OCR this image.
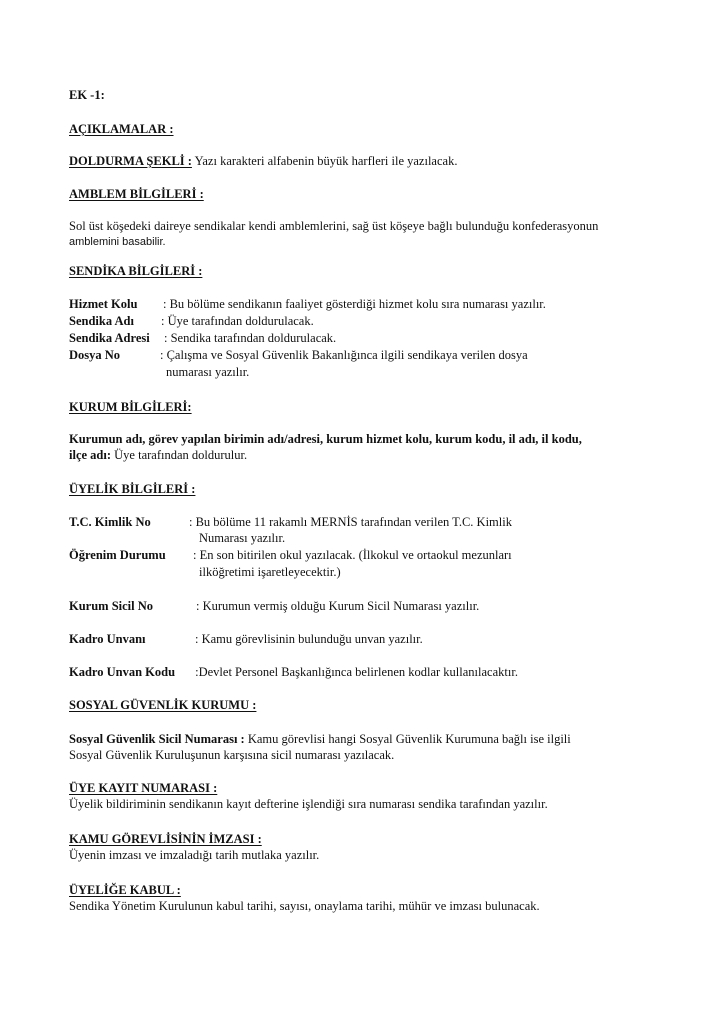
EK -1:
AÇIKLAMALAR :
DOLDURMA ŞEKLİ : Yazı karakteri alfabenin büyük harfleri ile yazılacak.
AMBLEM BİLGİLERİ :
Sol üst köşedeki daireye sendikalar kendi amblemlerini, sağ üst köşeye bağlı bulunduğu konfederasyonun
amblemini basabilir.
SENDİKA BİLGİLERİ :
Hizmet Kolu : Bu bölüme sendikanın faaliyet gösterdiği hizmet kolu sıra numarası yazılır.
Sendika Adı : Üye tarafından doldurulacak.
Sendika Adresi : Sendika tarafından doldurulacak.
Dosya No	: Çalışma ve Sosyal Güvenlik Bakanlığınca ilgili sendikaya verilen dosya
numarası yazılır.
KURUM BİLGİLERİ:
Kurumun adı, görev yapılan birimin adı/adresi, kurum hizmet kolu, kurum kodu, il adı, il kodu,
ilçe adı: Üye tarafından doldurulur.
ÜYELİK BİLGİLERİ :
T.C. Kimlik No	: Bu bölüme 11 rakamlı MERNİS tarafından verilen T.C. Kimlik
Numarası yazılır.
Öğrenim Durumu : En son bitirilen okul yazılacak. (İlkokul ve ortaokul mezunları
ilköğretimi işaretleyecektir.)
Kurum Sicil No	: Kurumun vermiş olduğu Kurum Sicil Numarası yazılır.
Kadro Unvanı	: Kamu görevlisinin bulunduğu unvan yazılır.
Kadro Unvan Kodu :Devlet Personel Başkanlığınca belirlenen kodlar kullanılacaktır.
SOSYAL GÜVENLİK KURUMU :
Sosyal Güvenlik Sicil Numarası : Kamu görevlisi hangi Sosyal Güvenlik Kurumuna bağlı ise ilgili
Sosyal Güvenlik Kuruluşunun karşısına sicil numarası yazılacak.
ÜYE KAYIT NUMARASI :
Üyelik bildiriminin sendikanın kayıt defterine işlendiği sıra numarası sendika tarafından yazılır.
KAMU GÖREVLİSİNİN İMZASI :
Üyenin imzası ve imzaladığı tarih mutlaka yazılır.
ÜYELİĞE KABUL :
Sendika Yönetim Kurulunun kabul tarihi, sayısı, onaylama tarihi, mühür ve imzası bulunacak.
